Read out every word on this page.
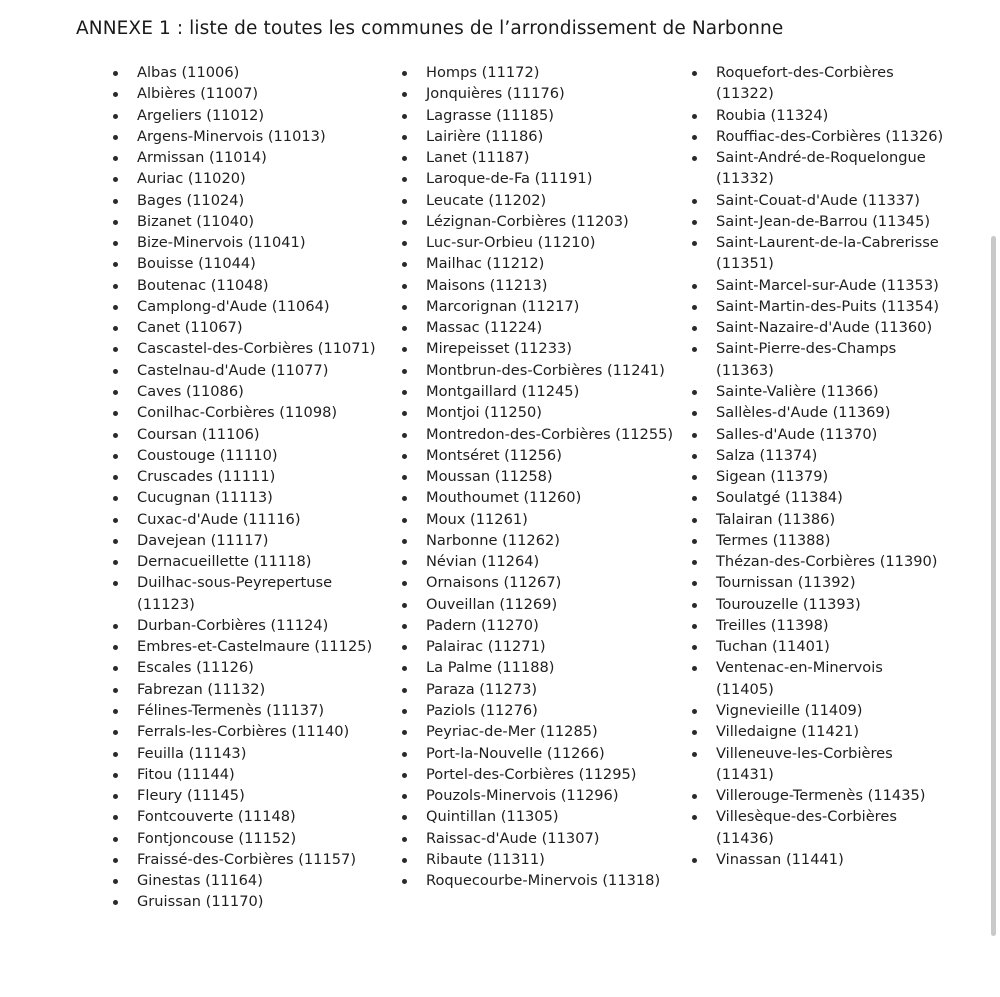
ANNEXE 1 : liste de toutes les communes de l’arrondissement de Narbonne
Albas (11006)
Albières (11007)
Argeliers (11012)
Argens-Minervois (11013)
Armissan (11014)
Auriac (11020)
Bages (11024)
Bizanet (11040)
Bize-Minervois (11041)
Bouisse (11044)
Boutenac (11048)
Camplong-d'Aude (11064)
Canet (11067)
Cascastel-des-Corbières (11071)
Castelnau-d'Aude (11077)
Caves (11086)
Conilhac-Corbières (11098)
Coursan (11106)
Coustouge (11110)
Cruscades (11111)
Cucugnan (11113)
Cuxac-d'Aude (11116)
Davejean (11117)
Dernacueillette (11118)
Duilhac-sous-Peyrepertuse (11123)
Durban-Corbières (11124)
Embres-et-Castelmaure (11125)
Escales (11126)
Fabrezan (11132)
Félines-Termenès (11137)
Ferrals-les-Corbières (11140)
Feuilla (11143)
Fitou (11144)
Fleury (11145)
Fontcouverte (11148)
Fontjoncouse (11152)
Fraissé-des-Corbières (11157)
Ginestas (11164)
Gruissan (11170)
Homps (11172)
Jonquières (11176)
Lagrasse (11185)
Lairière (11186)
Lanet (11187)
Laroque-de-Fa (11191)
Leucate (11202)
Lézignan-Corbières (11203)
Luc-sur-Orbieu (11210)
Mailhac (11212)
Maisons (11213)
Marcorignan (11217)
Massac (11224)
Mirepeisset (11233)
Montbrun-des-Corbières (11241)
Montgaillard (11245)
Montjoi (11250)
Montredon-des-Corbières (11255)
Montséret (11256)
Moussan (11258)
Mouthoumet (11260)
Moux (11261)
Narbonne (11262)
Névian (11264)
Ornaisons (11267)
Ouveillan (11269)
Padern (11270)
Palairac (11271)
La Palme (11188)
Paraza (11273)
Paziols (11276)
Peyriac-de-Mer (11285)
Port-la-Nouvelle (11266)
Portel-des-Corbières (11295)
Pouzols-Minervois (11296)
Quintillan (11305)
Raissac-d'Aude (11307)
Ribaute (11311)
Roquecourbe-Minervois (11318)
Roquefort-des-Corbières (11322)
Roubia (11324)
Rouffiac-des-Corbières (11326)
Saint-André-de-Roquelongue (11332)
Saint-Couat-d'Aude (11337)
Saint-Jean-de-Barrou (11345)
Saint-Laurent-de-la-Cabrerisse (11351)
Saint-Marcel-sur-Aude (11353)
Saint-Martin-des-Puits (11354)
Saint-Nazaire-d'Aude (11360)
Saint-Pierre-des-Champs (11363)
Sainte-Valière (11366)
Sallèles-d'Aude (11369)
Salles-d'Aude (11370)
Salza (11374)
Sigean (11379)
Soulatgé (11384)
Talairan (11386)
Termes (11388)
Thézan-des-Corbières (11390)
Tournissan (11392)
Tourouzelle (11393)
Treilles (11398)
Tuchan (11401)
Ventenac-en-Minervois (11405)
Vignevieille (11409)
Villedaigne (11421)
Villeneuve-les-Corbières (11431)
Villerouge-Termenès (11435)
Villesèque-des-Corbières (11436)
Vinassan (11441)
